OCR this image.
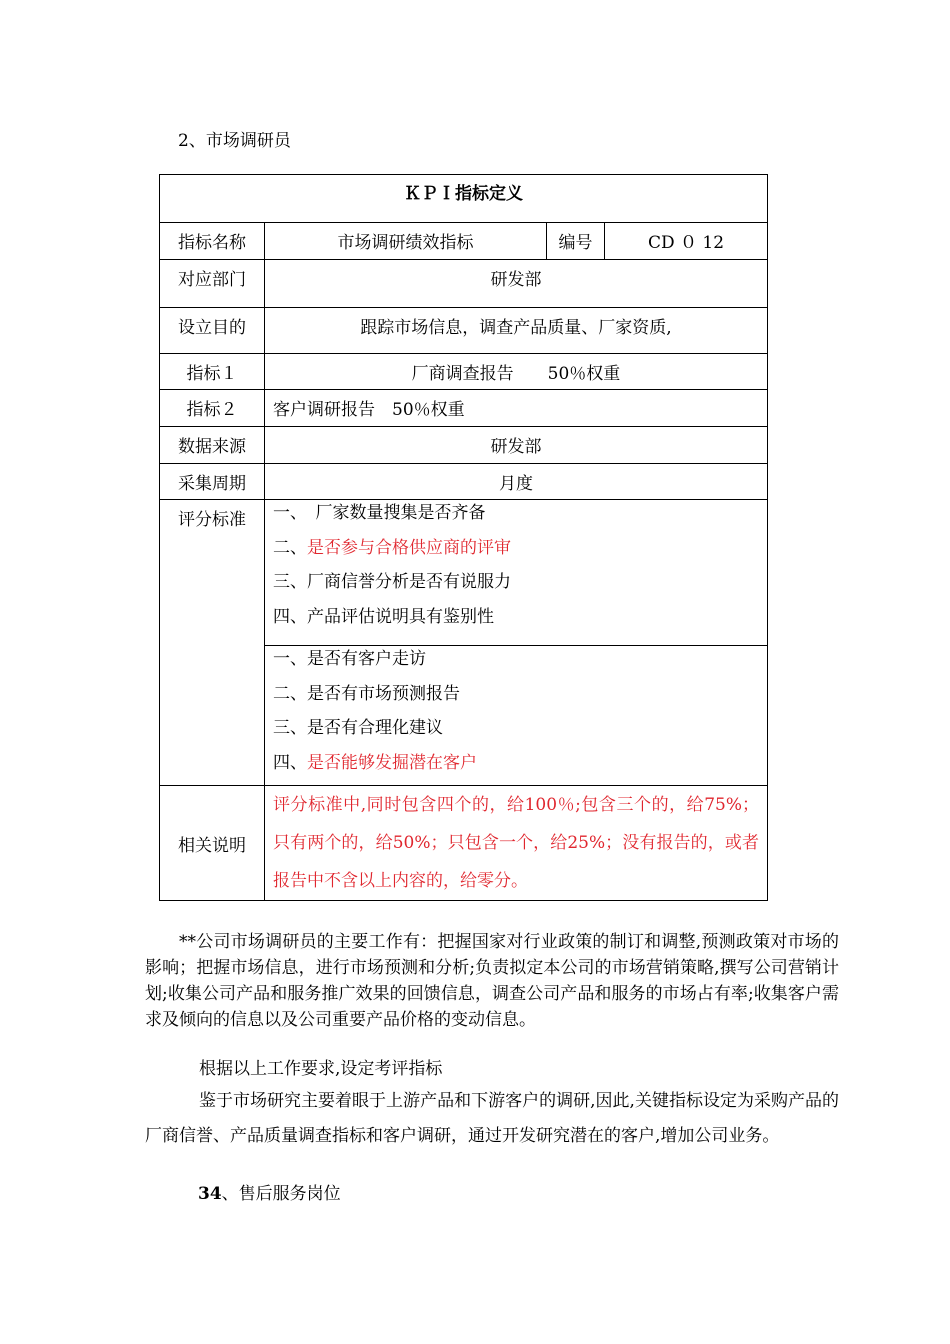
2、市场调研员
ＫＰＩ指标定义			
指标名称	市场调研绩效指标	编号	CD ０ 12
对应部门	研发部		
设立目的	跟踪市场信息，调查产品质量、厂家资质,		
指标１	厂商调查报告　　50％权重		
指标２	客户调研报告　50％权重		
数据来源	研发部		
采集周期	月度		
评分标准	一、　厂家数量搜集是否齐备
二、是否参与合格供应商的评审
三、厂商信誉分析是否有说服力
四、产品评估说明具有鉴别性		

	一、是否有客户走访
二、是否有市场预测报告
三、是否有合理化建议
四、是否能够发掘潜在客户		

相关说明	评分标准中,同时包含四个的，给100％;包含三个的，给75%；只有两个的，给50%；只包含一个，给25%；没有报告的，或者报告中不含以上内容的，给零分。		
**公司市场调研员的主要工作有：把握国家对行业政策的制订和调整,预测政策对市场的影响；把握市场信息，进行市场预测和分析;负责拟定本公司的市场营销策略,撰写公司营销计划;收集公司产品和服务推广效果的回馈信息，调查公司产品和服务的市场占有率;收集客户需求及倾向的信息以及公司重要产品价格的变动信息。
根据以上工作要求,设定考评指标
鉴于市场研究主要着眼于上游产品和下游客户的调研,因此,关键指标设定为采购产品的厂商信誉、产品质量调查指标和客户调研，通过开发研究潜在的客户,增加公司业务。
34、售后服务岗位
